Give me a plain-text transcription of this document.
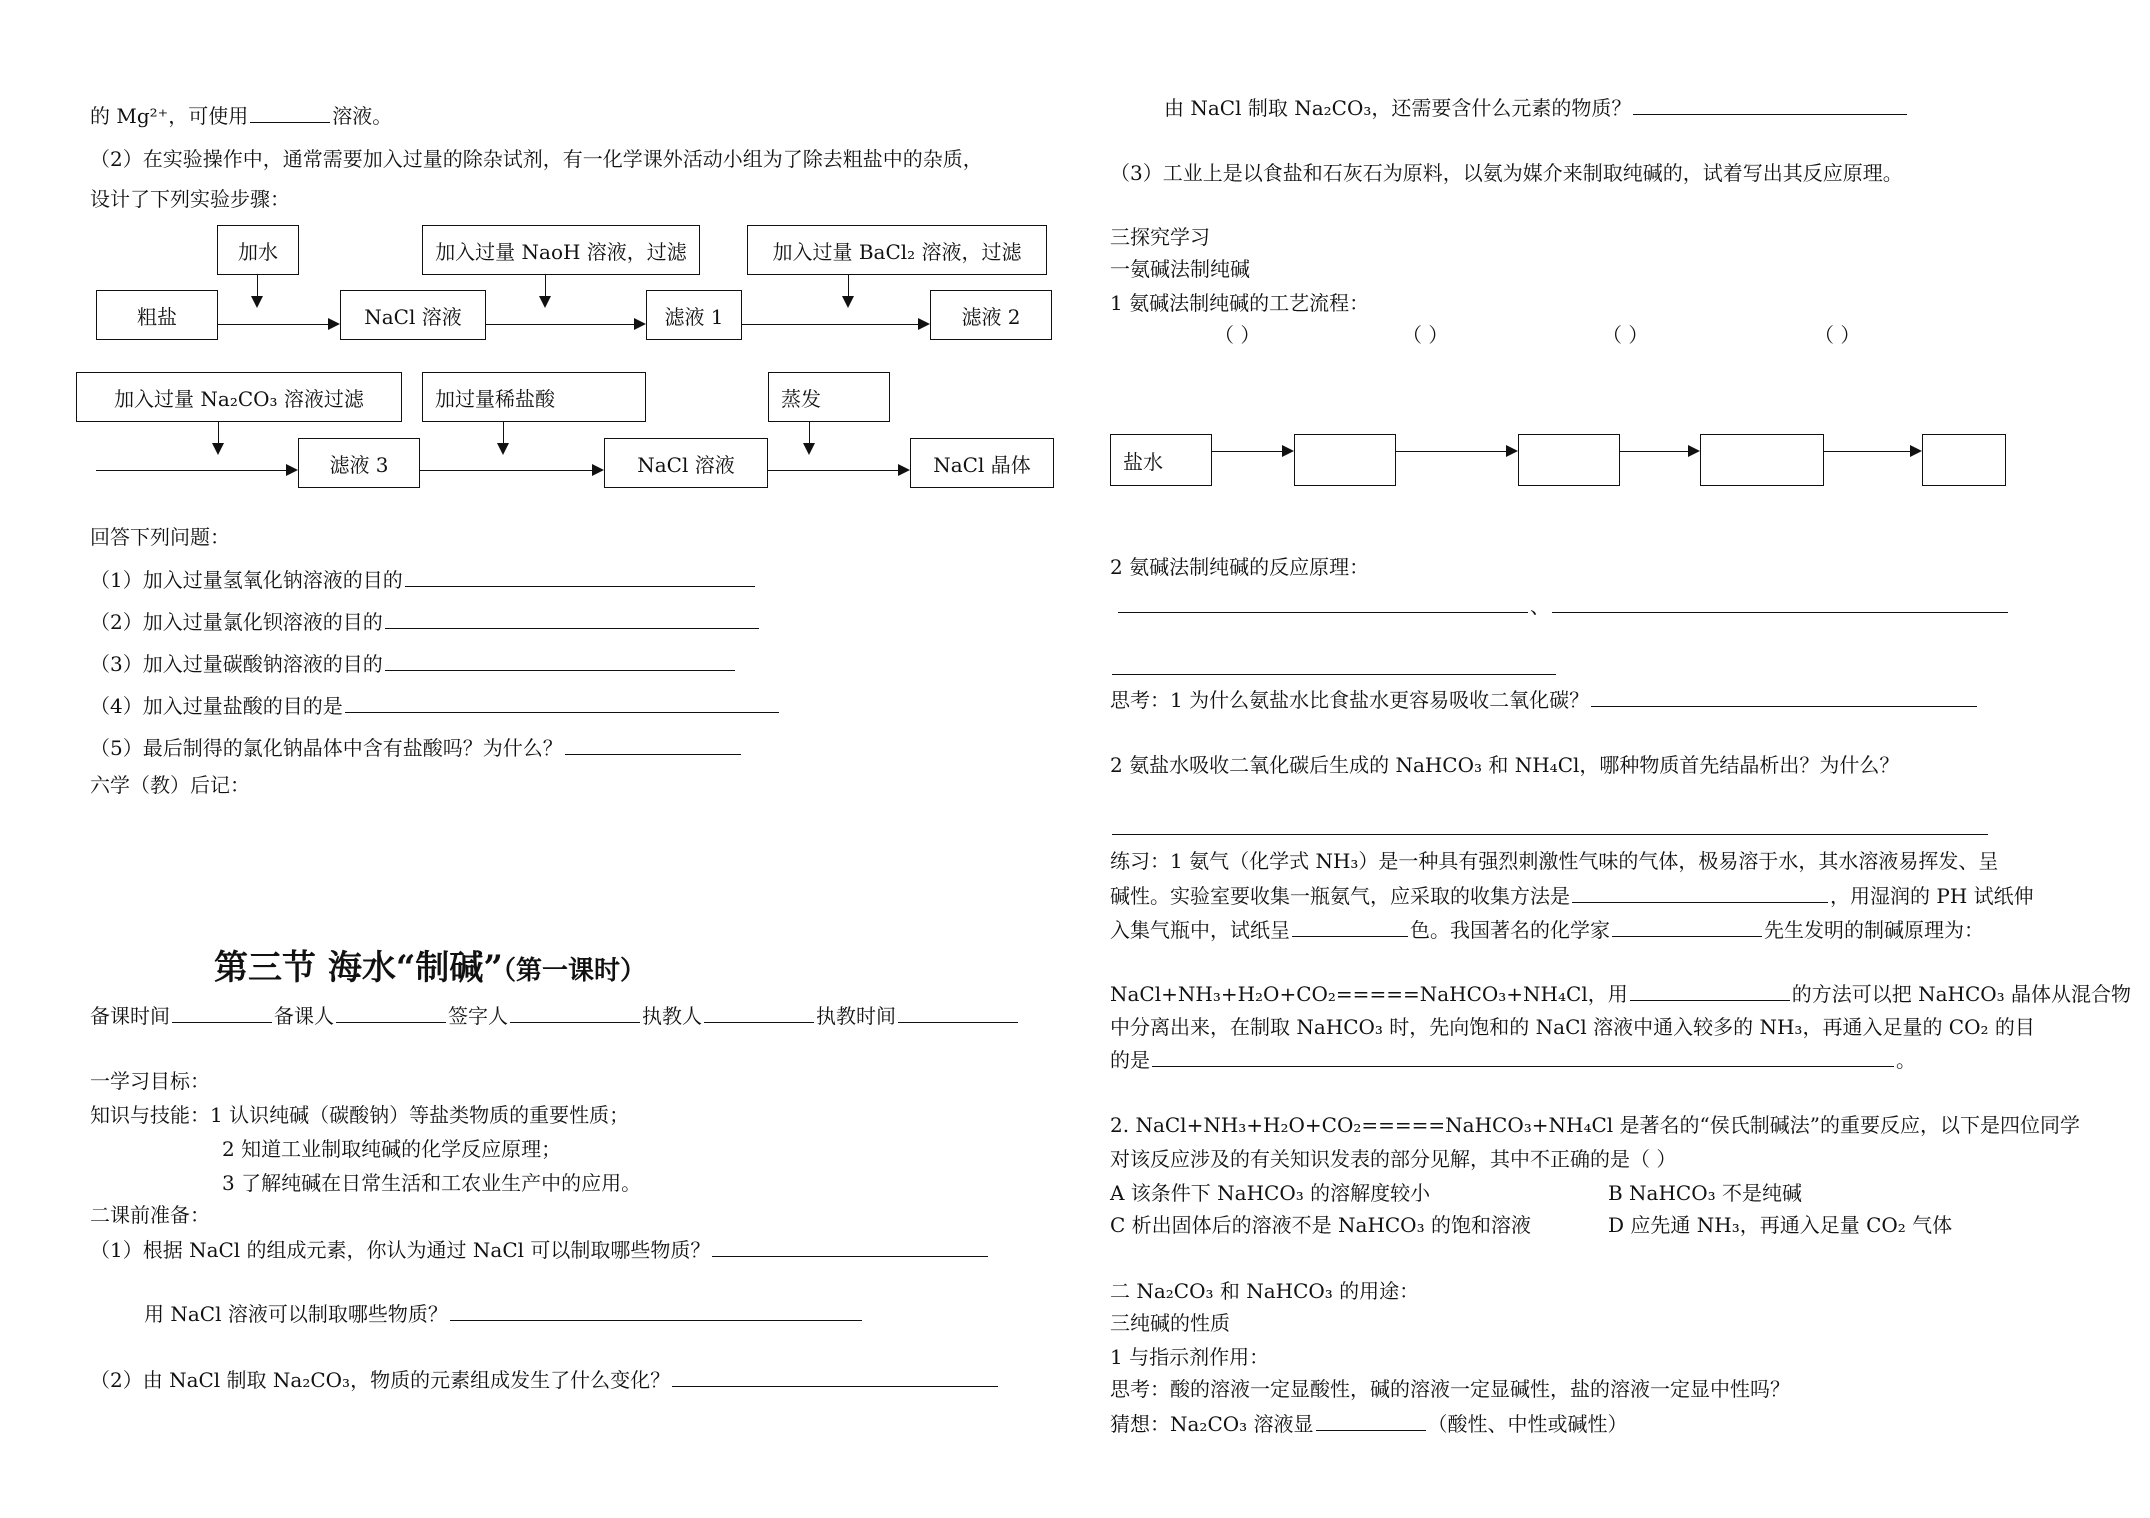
的 Mg²⁺，可使用	溶液。
（2）在实验操作中，通常需要加入过量的除杂试剂，有一化学课外活动小组为了除去粗盐中的杂质，
设计了下列实验步骤：
加水	加入过量 NaoH 溶液，过滤	加入过量 BaCl₂ 溶液，过滤
粗盐	NaCl 溶液	滤液 1	滤液 2
加入过量 Na₂CO₃ 溶液过滤	加过量稀盐酸	蒸发
滤液 3	NaCl 溶液	NaCl 晶体
回答下列问题：
（1）加入过量氢氧化钠溶液的目的
（2）加入过量氯化钡溶液的目的
（3）加入过量碳酸钠溶液的目的
（4）加入过量盐酸的目的是
（5）最后制得的氯化钠晶体中含有盐酸吗？为什么？
六学（教）后记：
第三节 海水“制碱”（第一课时）
备课时间	备课人	签字人	执教人	执教时间
一学习目标：
知识与技能：1 认识纯碱（碳酸钠）等盐类物质的重要性质；
2 知道工业制取纯碱的化学反应原理；
3 了解纯碱在日常生活和工农业生产中的应用。
二课前准备：
（1）根据 NaCl 的组成元素，你认为通过 NaCl 可以制取哪些物质？
用 NaCl 溶液可以制取哪些物质？
（2）由 NaCl 制取 Na₂CO₃，物质的元素组成发生了什么变化？
由 NaCl 制取 Na₂CO₃，还需要含什么元素的物质？
（3）工业上是以食盐和石灰石为原料，以氨为媒介来制取纯碱的，试着写出其反应原理。
三探究学习
一氨碱法制纯碱
1 氨碱法制纯碱的工艺流程：
（ ）	（ ）	（ ）	（ ）
盐水
2 氨碱法制纯碱的反应原理：
、
思考：1 为什么氨盐水比食盐水更容易吸收二氧化碳？
2 氨盐水吸收二氧化碳后生成的 NaHCO₃ 和 NH₄Cl，哪种物质首先结晶析出？为什么？
练习：1 氨气（化学式 NH₃）是一种具有强烈刺激性气味的气体，极易溶于水，其水溶液易挥发、呈
碱性。实验室要收集一瓶氨气，应采取的收集方法是	，用湿润的 PH 试纸伸
入集气瓶中，试纸呈	色。我国著名的化学家	先生发明的制碱原理为：
NaCl+NH₃+H₂O+CO₂=====NaHCO₃+NH₄Cl，用	的方法可以把 NaHCO₃ 晶体从混合物
中分离出来，在制取 NaHCO₃ 时，先向饱和的 NaCl 溶液中通入较多的 NH₃，再通入足量的 CO₂ 的目
的是	。
2. NaCl+NH₃+H₂O+CO₂=====NaHCO₃+NH₄Cl 是著名的“侯氏制碱法”的重要反应，以下是四位同学
对该反应涉及的有关知识发表的部分见解，其中不正确的是（ ）
A 该条件下 NaHCO₃ 的溶解度较小	B NaHCO₃ 不是纯碱
C 析出固体后的溶液不是 NaHCO₃ 的饱和溶液	D 应先通 NH₃，再通入足量 CO₂ 气体
二 Na₂CO₃ 和 NaHCO₃ 的用途：
三纯碱的性质
1 与指示剂作用：
思考：酸的溶液一定显酸性，碱的溶液一定显碱性，盐的溶液一定显中性吗？
猜想：Na₂CO₃ 溶液显	（酸性、中性或碱性）
